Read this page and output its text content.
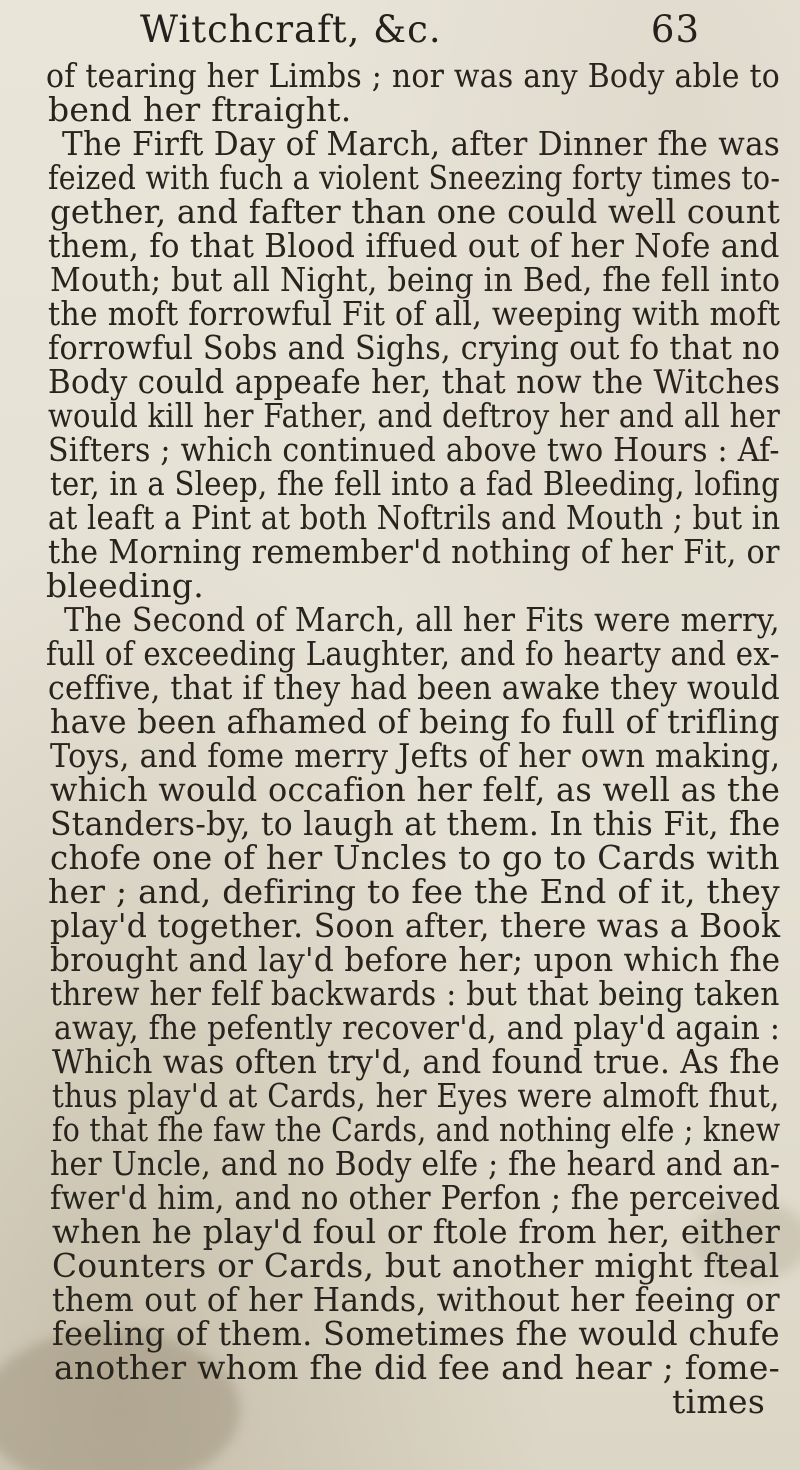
Witchcraft, &c.	63
of tearing her Limbs ; nor was any Body able to
bend her ftraight.
The Firft Day of March, after Dinner fhe was
feized with fuch a violent Sneezing forty times to-
gether, and fafter than one could well count
them, fo that Blood iffued out of her Nofe and
Mouth; but all Night, being in Bed, fhe fell into
the moft forrowful Fit of all, weeping with moft
forrowful Sobs and Sighs, crying out fo that no
Body could appeafe her, that now the Witches
would kill her Father, and deftroy her and all her
Sifters ; which continued above two Hours : Af-
ter, in a Sleep, fhe fell into a fad Bleeding, lofing
at leaft a Pint at both Noftrils and Mouth ; but in
the Morning remember'd nothing of her Fit, or
bleeding.
The Second of March, all her Fits were merry,
full of exceeding Laughter, and fo hearty and ex-
ceffive, that if they had been awake they would
have been afhamed of being fo full of trifling
Toys, and fome merry Jefts of her own making,
which would occafion her felf, as well as the
Standers-by, to laugh at them. In this Fit, fhe
chofe one of her Uncles to go to Cards with
her ; and, defiring to fee the End of it, they
play'd together. Soon after, there was a Book
brought and lay'd before her; upon which fhe
threw her felf backwards : but that being taken
away, fhe pefently recover'd, and play'd again :
Which was often try'd, and found true. As fhe
thus play'd at Cards, her Eyes were almoft fhut,
fo that fhe faw the Cards, and nothing elfe ; knew
her Uncle, and no Body elfe ; fhe heard and an-
fwer'd him, and no other Perfon ; fhe perceived
when he play'd foul or ftole from her, either
Counters or Cards, but another might fteal
them out of her Hands, without her feeing or
feeling of them. Sometimes fhe would chufe
another whom fhe did fee and hear ; fome-
times
